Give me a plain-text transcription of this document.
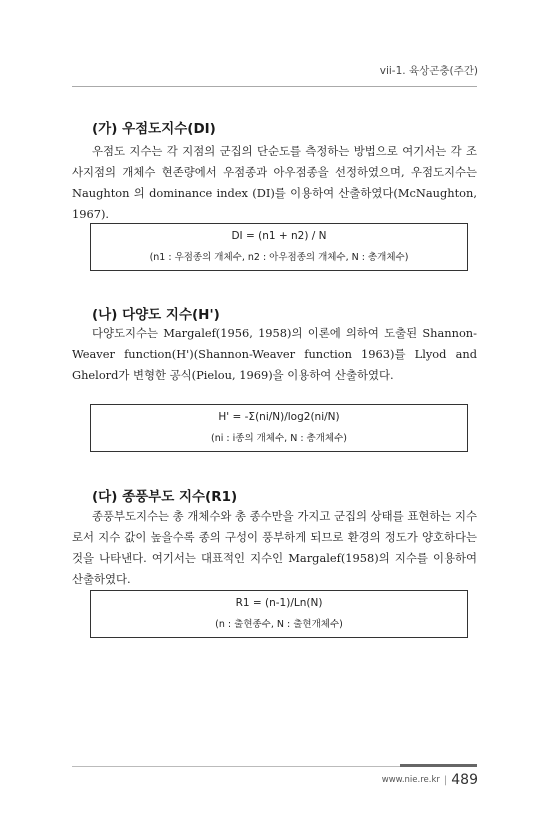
vii-1. 육상곤충(주간)
(가) 우점도지수(DI)

우점도 지수는 각 지점의 군집의 단순도를 측정하는 방법으로 여기서는 각 조사지점의 개체수 현존량에서 우점종과 아우점종을 선정하였으며, 우점도지수는 Naughton 의 dominance index (DI)를 이용하여 산출하였다(McNaughton, 1967).

DI = (n1 + n2) / N
(n1 : 우점종의 개체수, n2 : 아우점종의 개체수, N : 총개체수)
(나) 다양도 지수(H')

다양도지수는 Margalef(1956, 1958)의 이론에 의하여 도출된 Shannon-Weaver function(H')(Shannon-Weaver function 1963)를 Llyod and Ghelord가 변형한 공식(Pielou, 1969)을 이용하여 산출하였다.

H' = -Σ(ni/N)/log2(ni/N)
(ni : i종의 개체수, N : 총개체수)
(다) 종풍부도 지수(R1)

종풍부도지수는 총 개체수와 총 종수만을 가지고 군집의 상태를 표현하는 지수로서 지수 값이 높을수록 종의 구성이 풍부하게 되므로 환경의 정도가 양호하다는 것을 나타낸다. 여기서는 대표적인 지수인 Margalef(1958)의 지수를 이용하여 산출하였다.

R1 = (n-1)/Ln(N)
(n : 출현종수, N : 출현개체수)
www.nie.re.kr | 489
